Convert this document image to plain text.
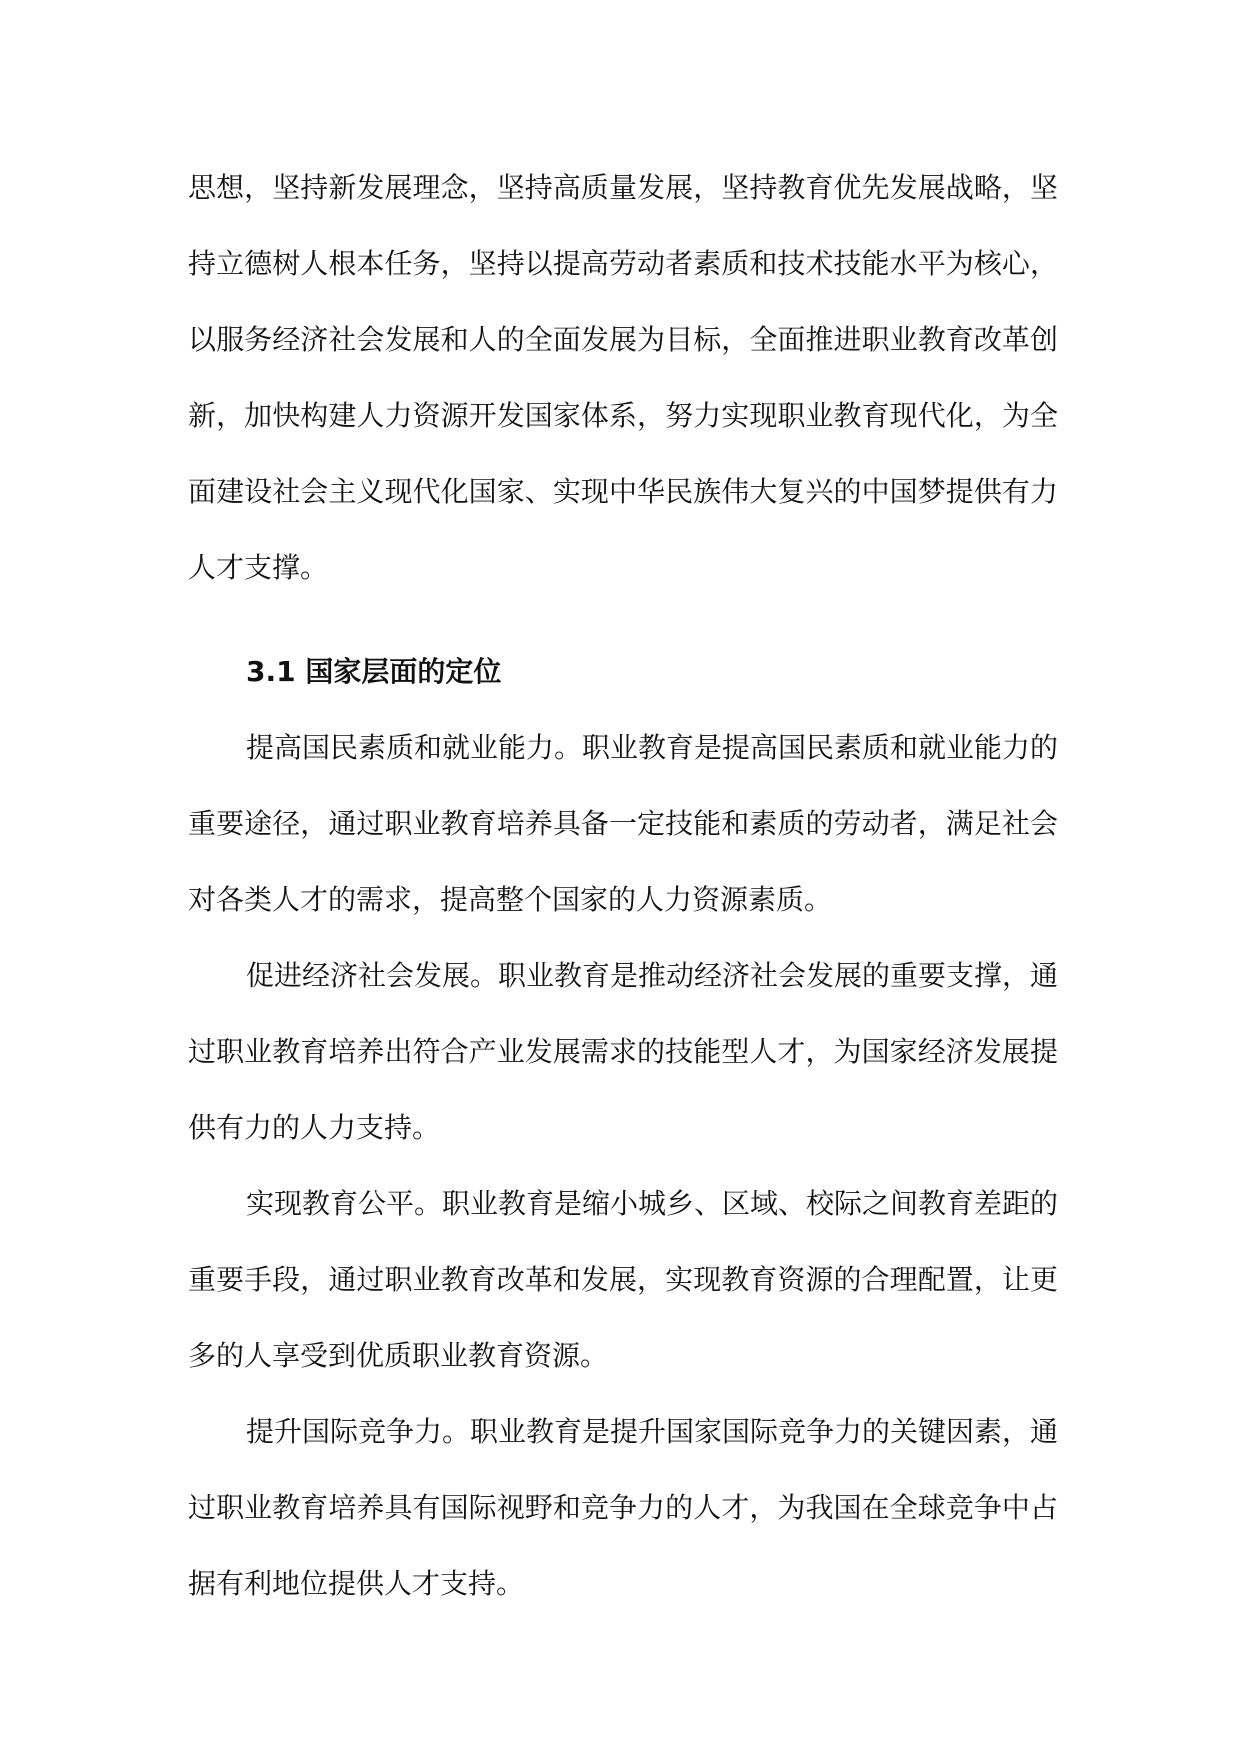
思想，坚持新发展理念，坚持高质量发展，坚持教育优先发展战略，坚持立德树人根本任务，坚持以提高劳动者素质和技术技能水平为核心，以服务经济社会发展和人的全面发展为目标，全面推进职业教育改革创新，加快构建人力资源开发国家体系，努力实现职业教育现代化，为全面建设社会主义现代化国家、实现中华民族伟大复兴的中国梦提供有力人才支撑。

3.1 国家层面的定位

提高国民素质和就业能力。职业教育是提高国民素质和就业能力的重要途径，通过职业教育培养具备一定技能和素质的劳动者，满足社会对各类人才的需求，提高整个国家的人力资源素质。

促进经济社会发展。职业教育是推动经济社会发展的重要支撑，通过职业教育培养出符合产业发展需求的技能型人才，为国家经济发展提供有力的人力支持。

实现教育公平。职业教育是缩小城乡、区域、校际之间教育差距的重要手段，通过职业教育改革和发展，实现教育资源的合理配置，让更多的人享受到优质职业教育资源。

提升国际竞争力。职业教育是提升国家国际竞争力的关键因素，通过职业教育培养具有国际视野和竞争力的人才，为我国在全球竞争中占据有利地位提供人才支持。
